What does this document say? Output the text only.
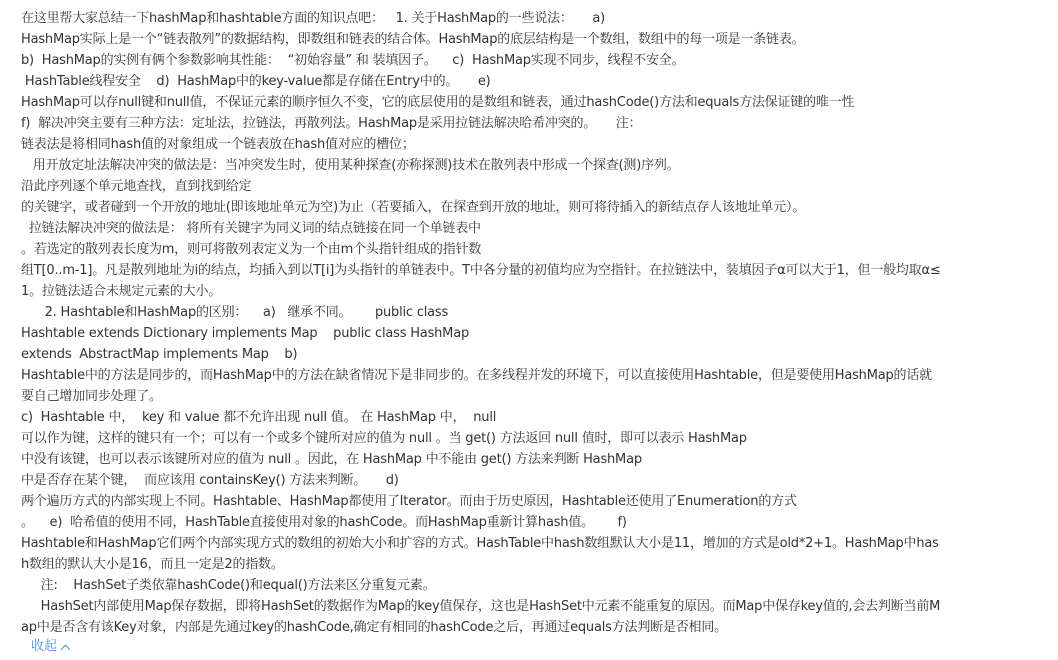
在这里帮大家总结一下hashMap和hashtable方面的知识点吧：   1. 关于HashMap的一些说法：     a)
HashMap实际上是一个“链表散列”的数据结构，即数组和链表的结合体。HashMap的底层结构是一个数组，数组中的每一项是一条链表。
b)  HashMap的实例有俩个参数影响其性能：  “初始容量” 和 装填因子。    c)  HashMap实现不同步，线程不安全。
HashTable线程安全    d)  HashMap中的key-value都是存储在Entry中的。     e)
HashMap可以存null键和null值，不保证元素的顺序恒久不变，它的底层使用的是数组和链表，通过hashCode()方法和equals方法保证键的唯一性
f)  解决冲突主要有三种方法：定址法，拉链法，再散列法。HashMap是采用拉链法解决哈希冲突的。     注：
链表法是将相同hash值的对象组成一个链表放在hash值对应的槽位；
用开放定址法解决冲突的做法是：当冲突发生时，使用某种探查(亦称探测)技术在散列表中形成一个探查(测)序列。
沿此序列逐个单元地查找，直到找到给定
的关键字，或者碰到一个开放的地址(即该地址单元为空)为止（若要插入，在探查到开放的地址，则可将待插入的新结点存人该地址单元）。
拉链法解决冲突的做法是： 将所有关键字为同义词的结点链接在同一个单链表中
。若选定的散列表长度为m，则可将散列表定义为一个由m个头指针组成的指针数
组T[0..m-1]。凡是散列地址为i的结点，均插入到以T[i]为头指针的单链表中。T中各分量的初值均应为空指针。在拉链法中，装填因子α可以大于1，但一般均取α≤
1。拉链法适合未规定元素的大小。
2. Hashtable和HashMap的区别：    a)   继承不同。      public class
Hashtable extends Dictionary implements Map    public class HashMap
extends  AbstractMap implements Map    b)
Hashtable中的方法是同步的，而HashMap中的方法在缺省情况下是非同步的。在多线程并发的环境下，可以直接使用Hashtable，但是要使用HashMap的话就
要自己增加同步处理了。
c)  Hashtable 中，  key 和 value 都不允许出现 null 值。 在 HashMap 中，  null
可以作为键，这样的键只有一个；可以有一个或多个键所对应的值为 null 。当 get() 方法返回 null 值时，即可以表示 HashMap
中没有该键，也可以表示该键所对应的值为 null 。因此，在 HashMap 中不能由 get() 方法来判断 HashMap
中是否存在某个键，  而应该用 containsKey() 方法来判断。     d)
两个遍历方式的内部实现上不同。Hashtable、HashMap都使用了Iterator。而由于历史原因，Hashtable还使用了Enumeration的方式
。    e)  哈希值的使用不同，HashTable直接使用对象的hashCode。而HashMap重新计算hash值。      f)
Hashtable和HashMap它们两个内部实现方式的数组的初始大小和扩容的方式。HashTable中hash数组默认大小是11，增加的方式是old*2+1。HashMap中has
h数组的默认大小是16，而且一定是2的指数。
注:    HashSet子类依靠hashCode()和equal()方法来区分重复元素。
HashSet内部使用Map保存数据，即将HashSet的数据作为Map的key值保存，这也是HashSet中元素不能重复的原因。而Map中保存key值的,会去判断当前M
ap中是否含有该Key对象，内部是先通过key的hashCode,确定有相同的hashCode之后，再通过equals方法判断是否相同。
收起
